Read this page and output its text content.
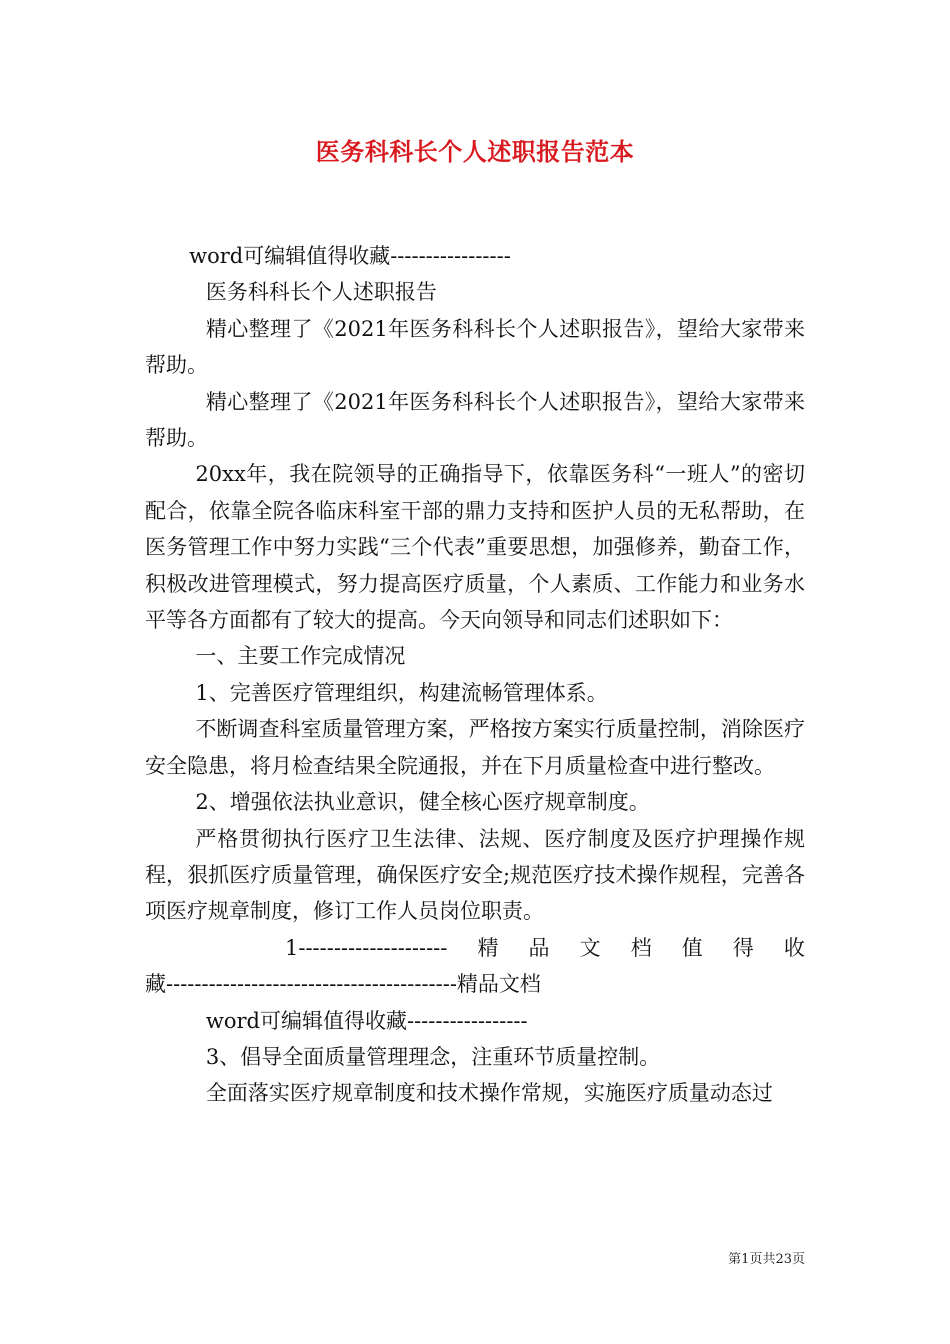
医务科科长个人述职报告范本

word可编辑值得收藏-----------------

医务科科长个人述职报告

精心整理了《2021年医务科科长个人述职报告》，望给大家带来帮助。

精心整理了《2021年医务科科长个人述职报告》，望给大家带来帮助。

20xx年，我在院领导的正确指导下，依靠医务科“一班人”的密切配合，依靠全院各临床科室干部的鼎力支持和医护人员的无私帮助，在医务管理工作中努力实践“三个代表”重要思想，加强修养，勤奋工作，积极改进管理模式，努力提高医疗质量，个人素质、工作能力和业务水平等各方面都有了较大的提高。今天向领导和同志们述职如下：

一、主要工作完成情况

1、完善医疗管理组织，构建流畅管理体系。

不断调查科室质量管理方案，严格按方案实行质量控制，消除医疗安全隐患，将月检查结果全院通报，并在下月质量检查中进行整改。

2、增强依法执业意识，健全核心医疗规章制度。

严格贯彻执行医疗卫生法律、法规、医疗制度及医疗护理操作规程，狠抓医疗质量管理，确保医疗安全;规范医疗技术操作规程，完善各项医疗规章制度，修订工作人员岗位职责。

1--------------------- 精 品 文 档 值 得 收

藏-----------------------------------------精品文档

word可编辑值得收藏-----------------

3、倡导全面质量管理理念，注重环节质量控制。

全面落实医疗规章制度和技术操作常规，实施医疗质量动态过

第1页共23页
